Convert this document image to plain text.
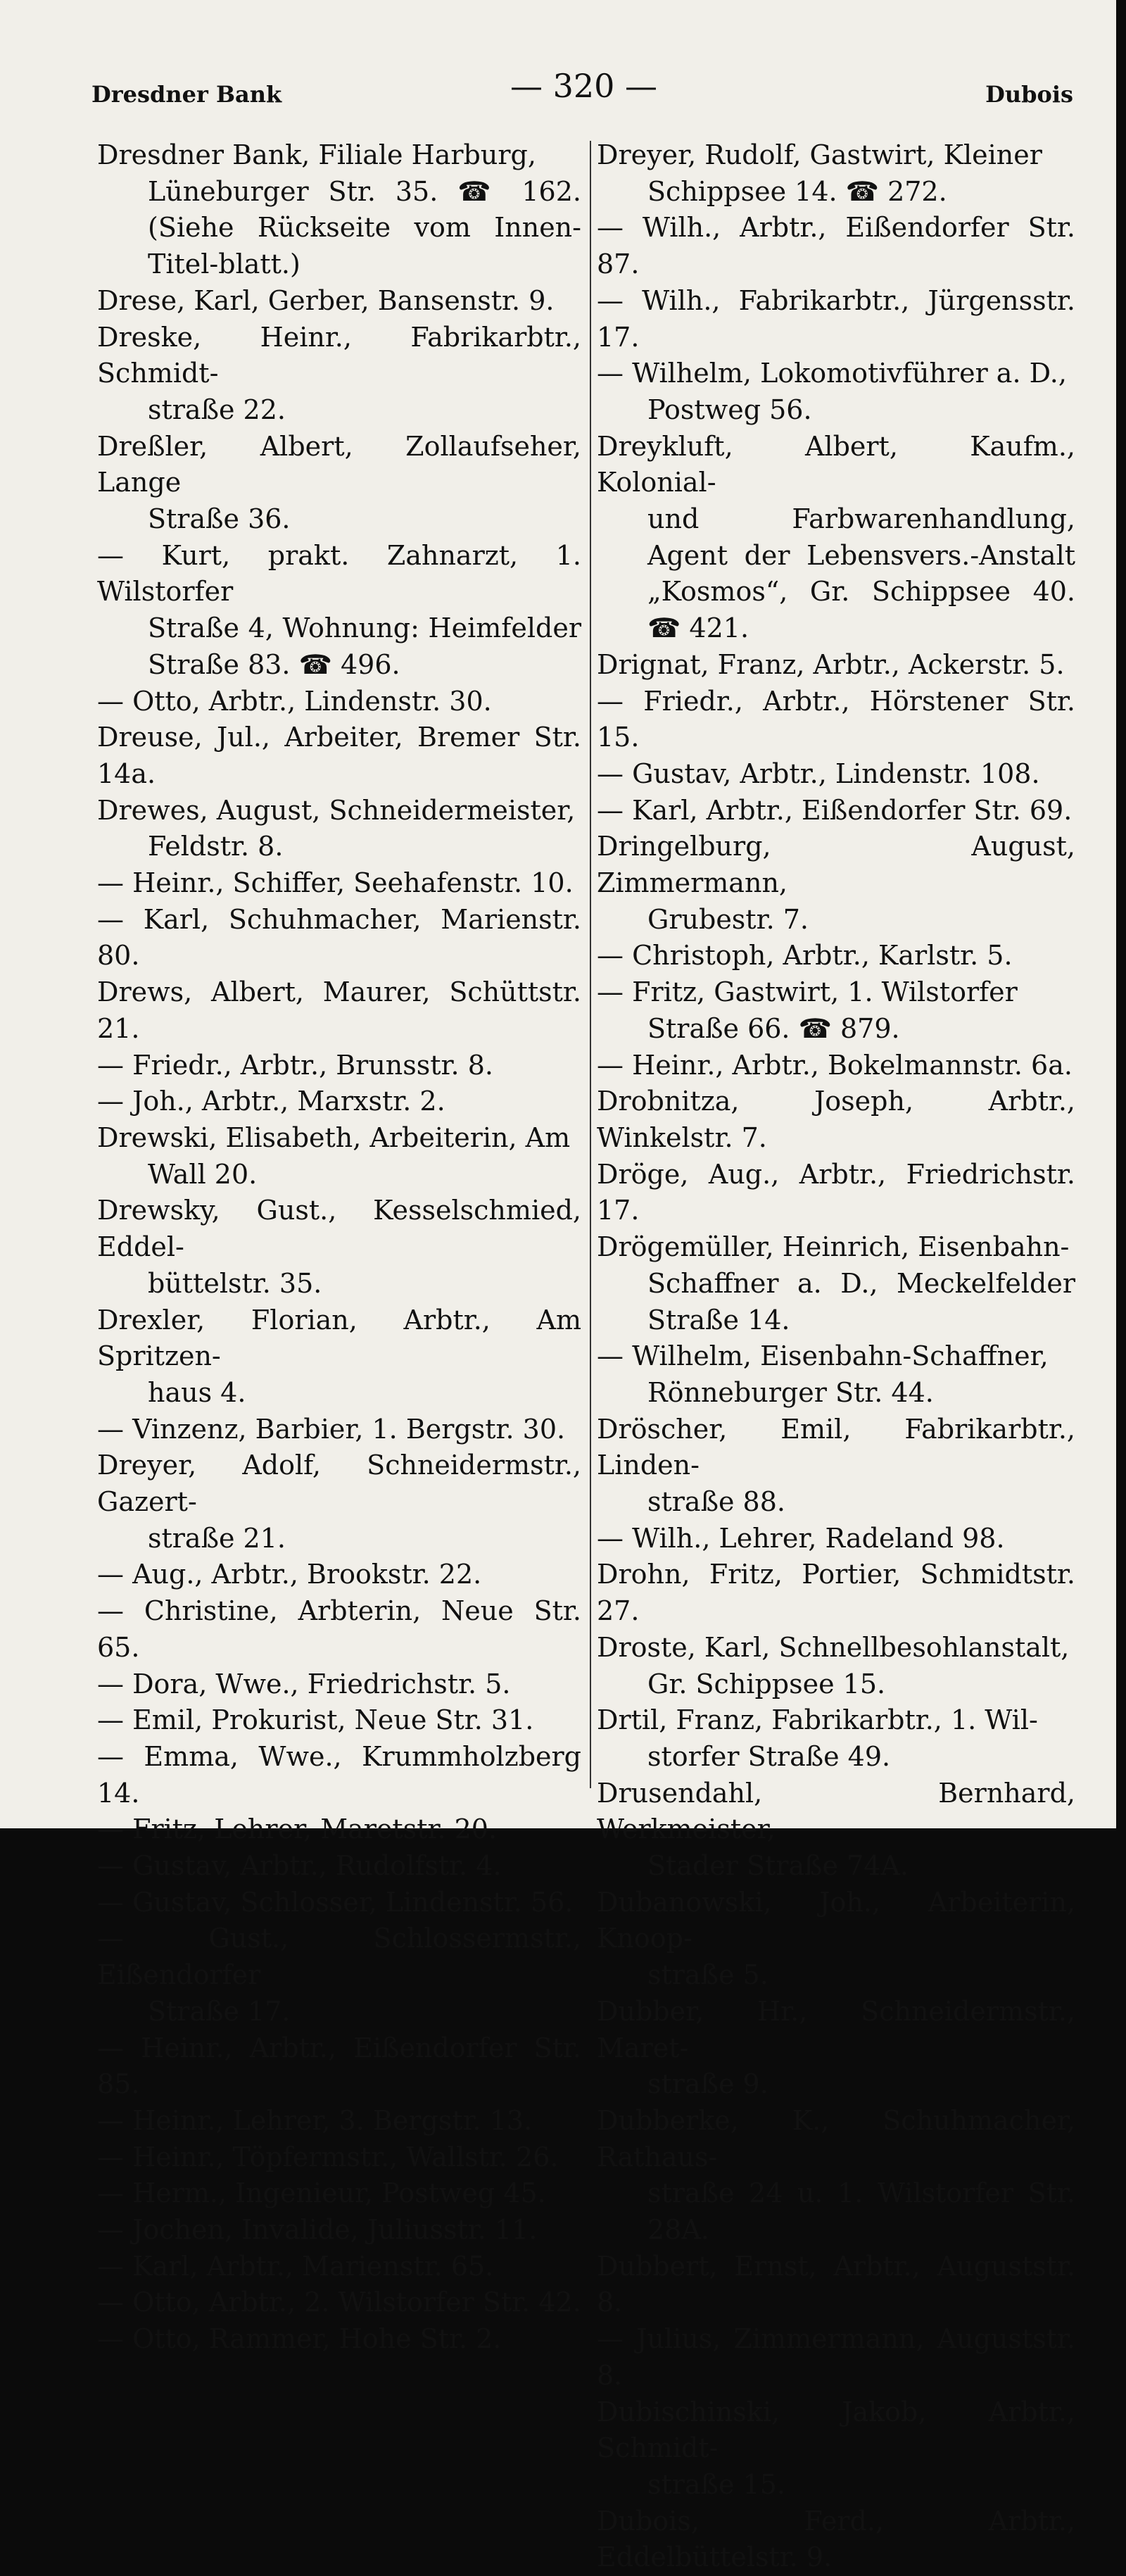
Dresdner Bank	— 320 —	Dubois
Dresdner Bank, Filiale Harburg,
Lüneburger Str. 35. ☎ 162. (Siehe Rückseite vom Innen-Titel-blatt.)
Drese, Karl, Gerber, Bansenstr. 9.
Dreske, Heinr., Fabrikarbtr., Schmidt-
straße 22.
Dreßler, Albert, Zollaufseher, Lange
Straße 36.
— Kurt, prakt. Zahnarzt, 1. Wilstorfer
Straße 4, Wohnung: Heimfelder Straße 83. ☎ 496.
— Otto, Arbtr., Lindenstr. 30.
Dreuse, Jul., Arbeiter, Bremer Str. 14a.
Drewes, August, Schneidermeister,
Feldstr. 8.
— Heinr., Schiffer, Seehafenstr. 10.
— Karl, Schuhmacher, Marienstr. 80.
Drews, Albert, Maurer, Schüttstr. 21.
— Friedr., Arbtr., Brunsstr. 8.
— Joh., Arbtr., Marxstr. 2.
Drewski, Elisabeth, Arbeiterin, Am
Wall 20.
Drewsky, Gust., Kesselschmied, Eddel-
büttelstr. 35.
Drexler, Florian, Arbtr., Am Spritzen-
haus 4.
— Vinzenz, Barbier, 1. Bergstr. 30.
Dreyer, Adolf, Schneidermstr., Gazert-
straße 21.
— Aug., Arbtr., Brookstr. 22.
— Christine, Arbterin, Neue Str. 65.
— Dora, Wwe., Friedrichstr. 5.
— Emil, Prokurist, Neue Str. 31.
— Emma, Wwe., Krummholzberg 14.
— Fritz, Lehrer, Maretstr. 20.
— Gustav, Arbtr., Rudolfstr. 4.
— Gustav, Schlosser, Lindenstr. 56.
— Gust., Schlossermstr., Eißendorfer
Straße 17.
— Heinr., Arbtr., Eißendorfer Str. 85.
— Heinr., Lehrer, 3. Bergstr. 13.
— Heinr., Töpfermstr., Wallstr. 26.
— Herm., Ingenieur, Postweg 45.
— Jochen, Invalide, Juliusstr. 11.
— Karl, Arbtr., Marienstr. 65.
— Otto, Arbtr., 2. Wilstorfer Str. 42.
— Otto, Rammer, Hohe Str. 2.
Dreyer, Rudolf, Gastwirt, Kleiner
Schippsee 14. ☎ 272.
— Wilh., Arbtr., Eißendorfer Str. 87.
— Wilh., Fabrikarbtr., Jürgensstr. 17.
— Wilhelm, Lokomotivführer a. D.,
Postweg 56.
Dreykluft, Albert, Kaufm., Kolonial-
und Farbwarenhandlung, Agent der Lebensvers.-Anstalt „Kosmos“, Gr. Schippsee 40. ☎ 421.
Drignat, Franz, Arbtr., Ackerstr. 5.
— Friedr., Arbtr., Hörstener Str. 15.
— Gustav, Arbtr., Lindenstr. 108.
— Karl, Arbtr., Eißendorfer Str. 69.
Dringelburg, August, Zimmermann,
Grubestr. 7.
— Christoph, Arbtr., Karlstr. 5.
— Fritz, Gastwirt, 1. Wilstorfer
Straße 66. ☎ 879.
— Heinr., Arbtr., Bokelmannstr. 6a.
Drobnitza, Joseph, Arbtr., Winkelstr. 7.
Dröge, Aug., Arbtr., Friedrichstr. 17.
Drögemüller, Heinrich, Eisenbahn-
Schaffner a. D., Meckelfelder Straße 14.
— Wilhelm, Eisenbahn-Schaffner,
Rönneburger Str. 44.
Dröscher, Emil, Fabrikarbtr., Linden-
straße 88.
— Wilh., Lehrer, Radeland 98.
Drohn, Fritz, Portier, Schmidtstr. 27.
Droste, Karl, Schnellbesohlanstalt,
Gr. Schippsee 15.
Drtil, Franz, Fabrikarbtr., 1. Wil-
storfer Straße 49.
Drusendahl, Bernhard, Werkmeister,
Stader Straße 74A.
Dubanowski, Joh., Arbeiterin, Knoop-
straße 5.
Dubber, Hr., Schneidermstr., Maret-
straße 9.
Dubberke, K., Schuhmacher, Rathaus-
straße 24 u. 1. Wilstorfer Str. 28A.
Dubbert, Ernst, Arbtr., Auguststr. 8.
— Julius, Zimmermann, Auguststr. 8.
Dubischinski, Jakob, Arbtr., Schmidt-
straße 15.
Dubois, Ferd., Arbtr., Eddelbüttelstr. 9.
